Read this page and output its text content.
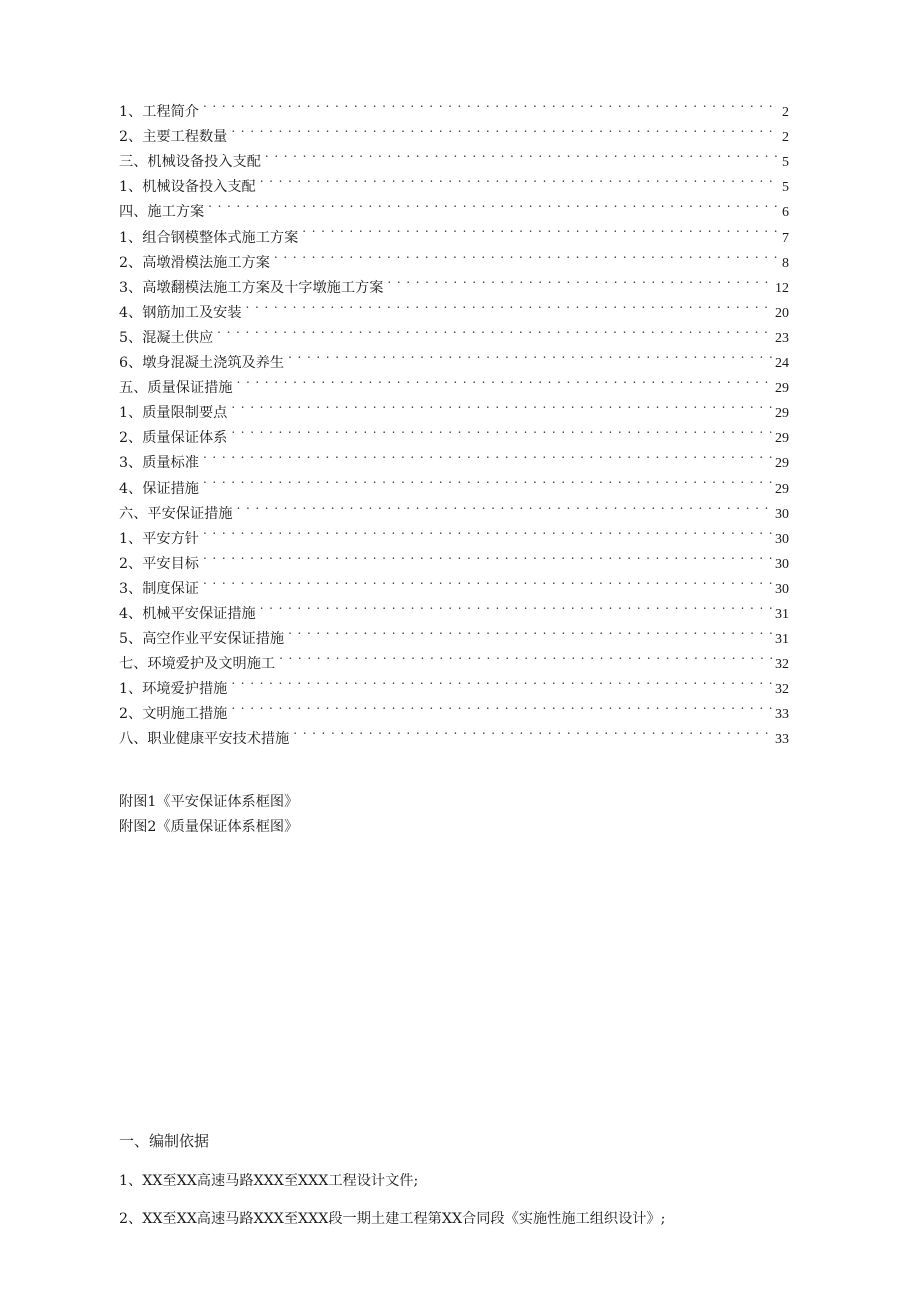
1、工程简介 . . .	2
2、主要工程数量 . . .	2
三、机械设备投入支配 . . .	5
1、机械设备投入支配 . . .	5
四、施工方案 . . .	6
1、组合钢模整体式施工方案 . . .	7
2、高墩滑模法施工方案 . . .	8
3、高墩翻模法施工方案及十字墩施工方案 . . .	12
4、钢筋加工及安装 . . .	20
5、混凝土供应 . . .	23
6、墩身混凝土浇筑及养生 . . .	24
五、质量保证措施 . . .	29
1、质量限制要点 . . .	29
2、质量保证体系 . . .	29
3、质量标准 . . .	29
4、保证措施 . . .	29
六、平安保证措施 . . .	30
1、平安方针 . . .	30
2、平安目标 . . .	30
3、制度保证 . . .	30
4、机械平安保证措施 . . .	31
5、高空作业平安保证措施 . . .	31
七、环境爱护及文明施工 . . .	32
1、环境爱护措施 . . .	32
2、文明施工措施 . . .	33
八、职业健康平安技术措施 . . .	33
附图1《平安保证体系框图》
附图2《质量保证体系框图》
一、编制依据
1、XX至XX高速马路XXX至XXX工程设计文件;
2、XX至XX高速马路XXX至XXX段一期土建工程第XX合同段《实施性施工组织设计》;
